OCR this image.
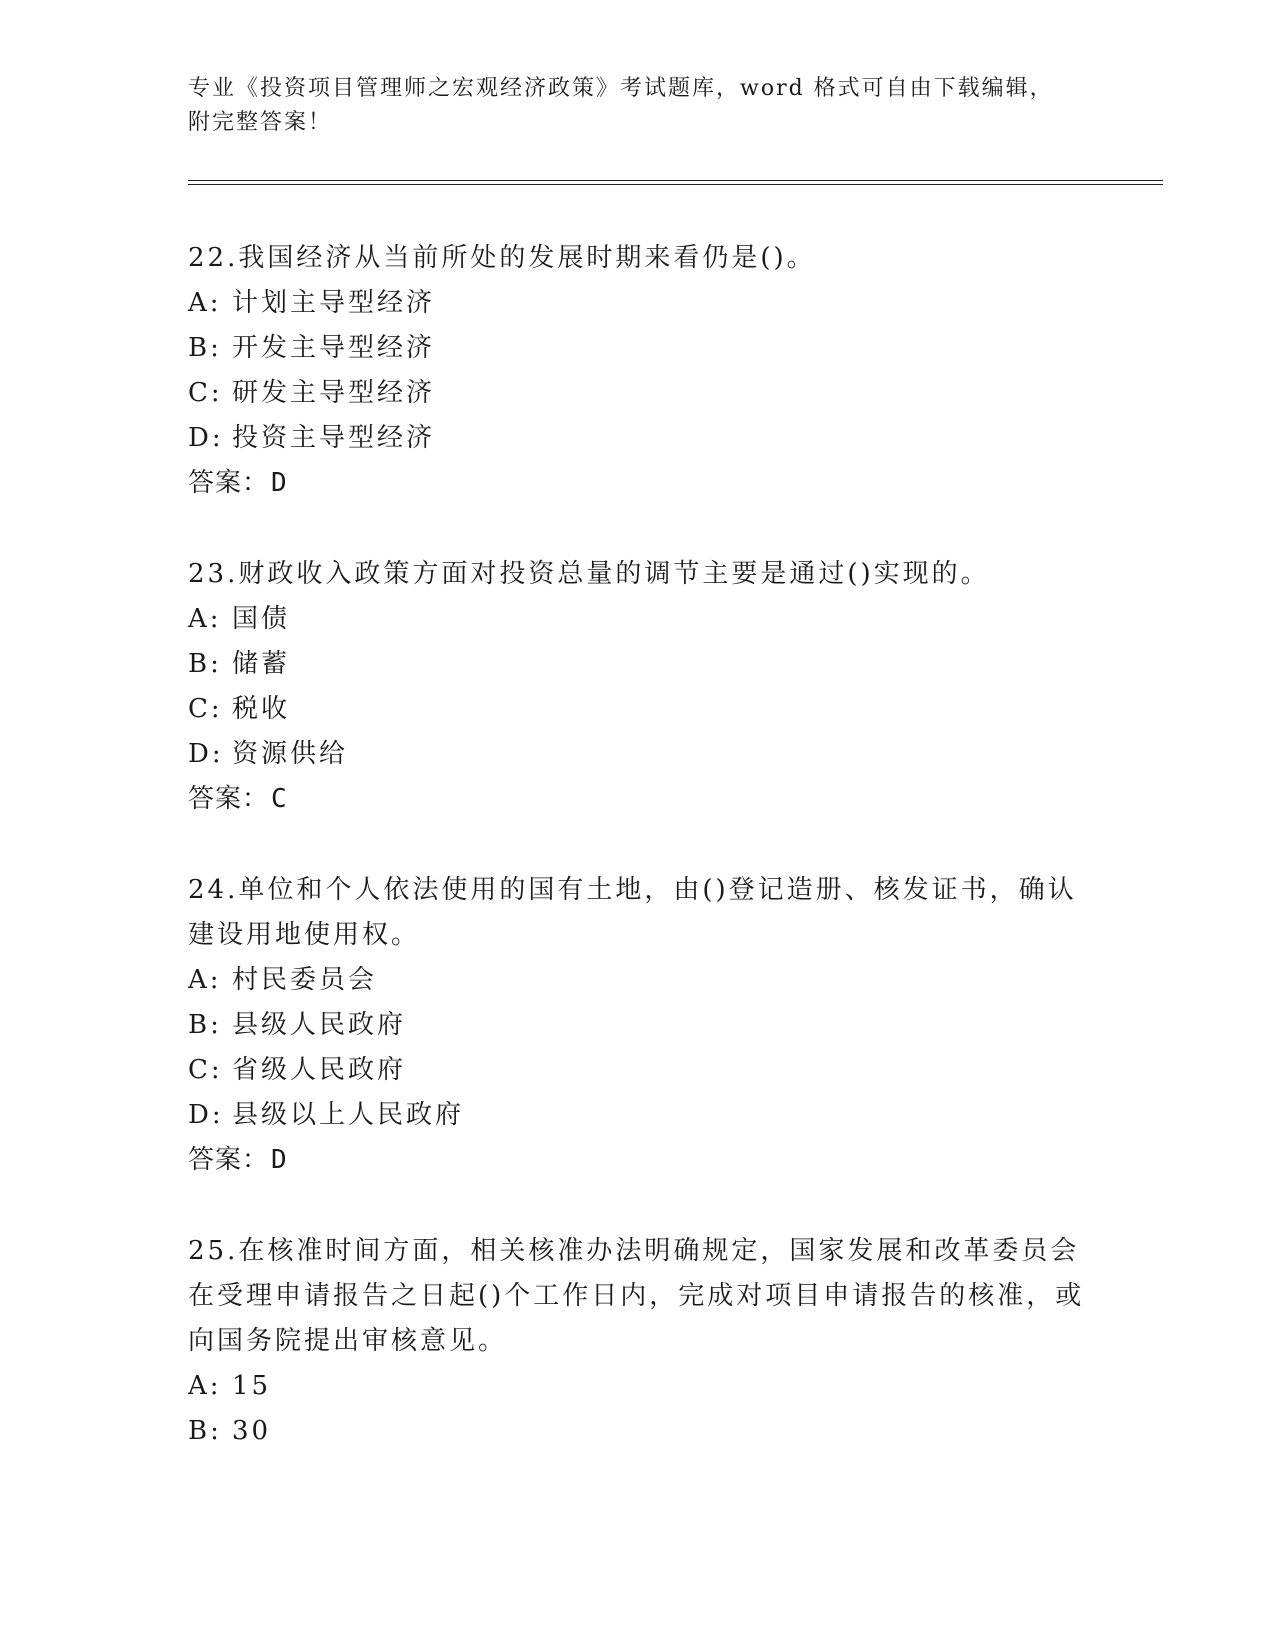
专业《投资项目管理师之宏观经济政策》考试题库，word 格式可自由下载编辑，
附完整答案！

22.我国经济从当前所处的发展时期来看仍是()。

A: 计划主导型经济
B: 开发主导型经济
C: 研发主导型经济
D: 投资主导型经济
答案：D

23.财政收入政策方面对投资总量的调节主要是通过()实现的。

A: 国债
B: 储蓄
C: 税收
D: 资源供给
答案：C

24.单位和个人依法使用的国有土地，由()登记造册、核发证书，确认建设用地使用权。

A: 村民委员会
B: 县级人民政府
C: 省级人民政府
D: 县级以上人民政府
答案：D

25.在核准时间方面，相关核准办法明确规定，国家发展和改革委员会在受理申请报告之日起()个工作日内，完成对项目申请报告的核准，或向国务院提出审核意见。

A: 15
B: 30
